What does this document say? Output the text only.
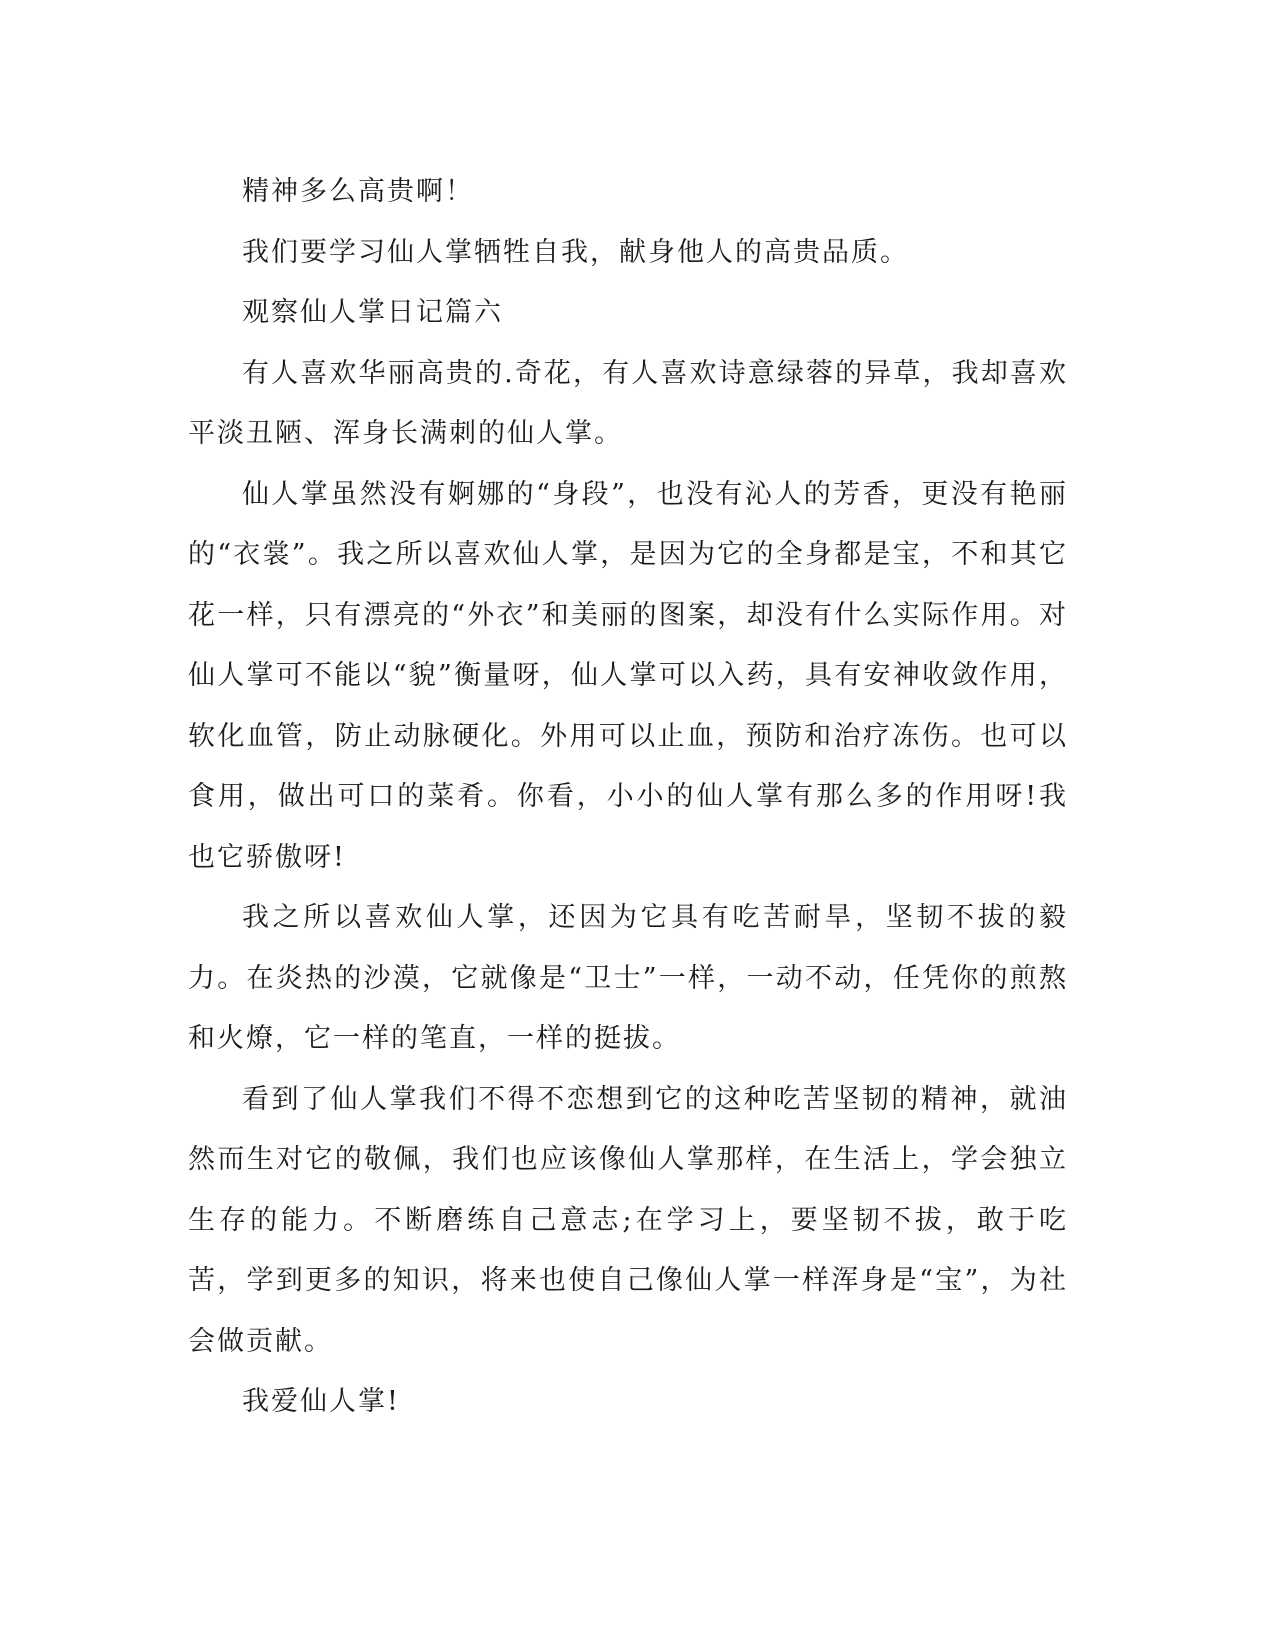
精神多么高贵啊！

我们要学习仙人掌牺牲自我，献身他人的高贵品质。

观察仙人掌日记篇六

有人喜欢华丽高贵的.奇花，有人喜欢诗意绿蓉的异草，我却喜欢平淡丑陋、浑身长满刺的仙人掌。

仙人掌虽然没有婀娜的“身段”，也没有沁人的芳香，更没有艳丽的“衣裳”。我之所以喜欢仙人掌，是因为它的全身都是宝，不和其它花一样，只有漂亮的“外衣”和美丽的图案，却没有什么实际作用。对仙人掌可不能以“貌”衡量呀，仙人掌可以入药，具有安神收敛作用，软化血管，防止动脉硬化。外用可以止血，预防和治疗冻伤。也可以食用，做出可口的菜肴。你看，小小的仙人掌有那么多的作用呀!我也它骄傲呀!

我之所以喜欢仙人掌，还因为它具有吃苦耐旱，坚韧不拔的毅力。在炎热的沙漠，它就像是“卫士”一样，一动不动，任凭你的煎熬和火燎，它一样的笔直，一样的挺拔。

看到了仙人掌我们不得不恋想到它的这种吃苦坚韧的精神，就油然而生对它的敬佩，我们也应该像仙人掌那样，在生活上，学会独立生存的能力。不断磨练自己意志;在学习上，要坚韧不拔，敢于吃苦，学到更多的知识，将来也使自己像仙人掌一样浑身是“宝”，为社会做贡献。

我爱仙人掌!
